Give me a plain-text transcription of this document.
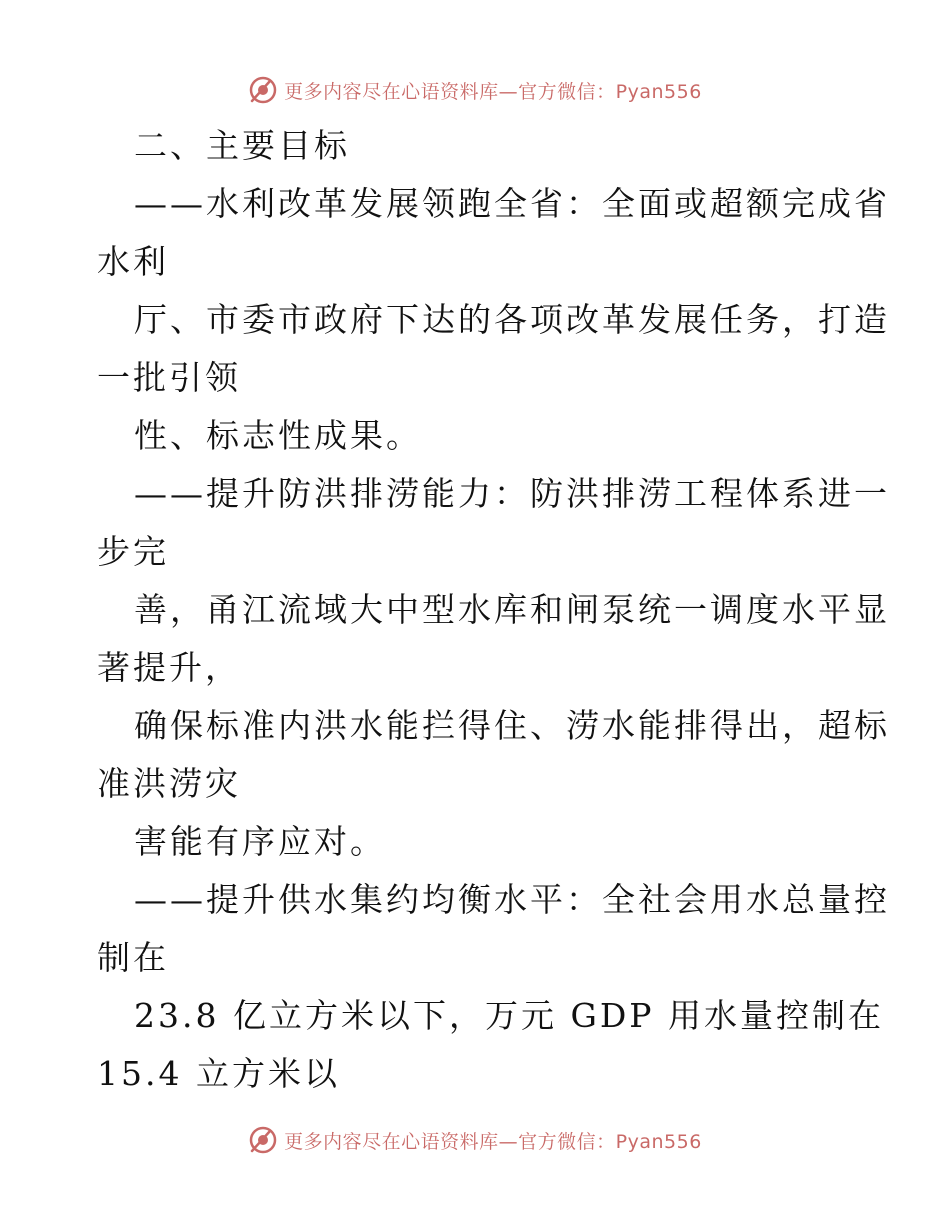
更多内容尽在心语资料库—官方微信：Pyan556
二、主要目标
——水利改革发展领跑全省：全面或超额完成省
水利
厅、市委市政府下达的各项改革发展任务，打造
一批引领
性、标志性成果。
——提升防洪排涝能力：防洪排涝工程体系进一
步完
善，甬江流域大中型水库和闸泵统一调度水平显
著提升，
确保标准内洪水能拦得住、涝水能排得出，超标
准洪涝灾
害能有序应对。
——提升供水集约均衡水平：全社会用水总量控
制在
23.8 亿立方米以下，万元 GDP 用水量控制在
15.4 立方米以
更多内容尽在心语资料库—官方微信：Pyan556
